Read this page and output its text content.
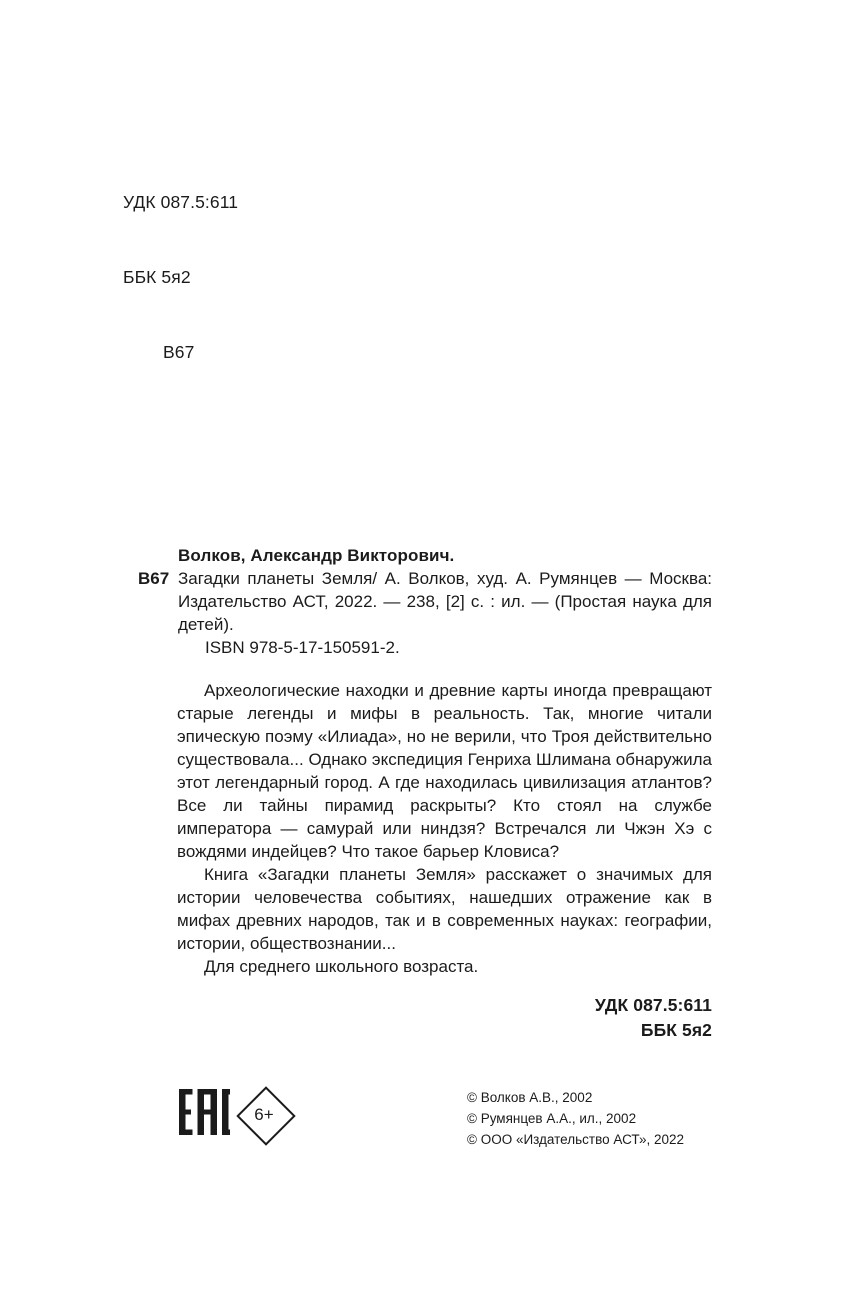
УДК 087.5:611

ББК 5я2

В67

Волков, Александр Викторович.
В67 Загадки планеты Земля/ А. Волков, худ. А. Румянцев — Москва: Издательство АСТ, 2022. — 238, [2] с. : ил. — (Простая наука для детей).
ISBN 978-5-17-150591-2.

Археологические находки и древние карты иногда превращают старые легенды и мифы в реальность. Так, многие читали эпическую поэму «Илиада», но не верили, что Троя действительно существовала... Однако экспедиция Генриха Шлимана обнаружила этот легендарный город. А где находилась цивилизация атлантов? Все ли тайны пирамид раскрыты? Кто стоял на службе императора — самурай или ниндзя? Встречался ли Чжэн Хэ с вождями индейцев? Что такое барьер Кловиса?

Книга «Загадки планеты Земля» расскажет о значимых для истории человечества событиях, нашедших отражение как в мифах древних народов, так и в современных науках: географии, истории, обществознании...

Для среднего школьного возраста.

УДК 087.5:611
ББК 5я2
6+
© Волков А.В., 2002
© Румянцев А.А., ил., 2002
© ООО «Издательство АСТ», 2022
